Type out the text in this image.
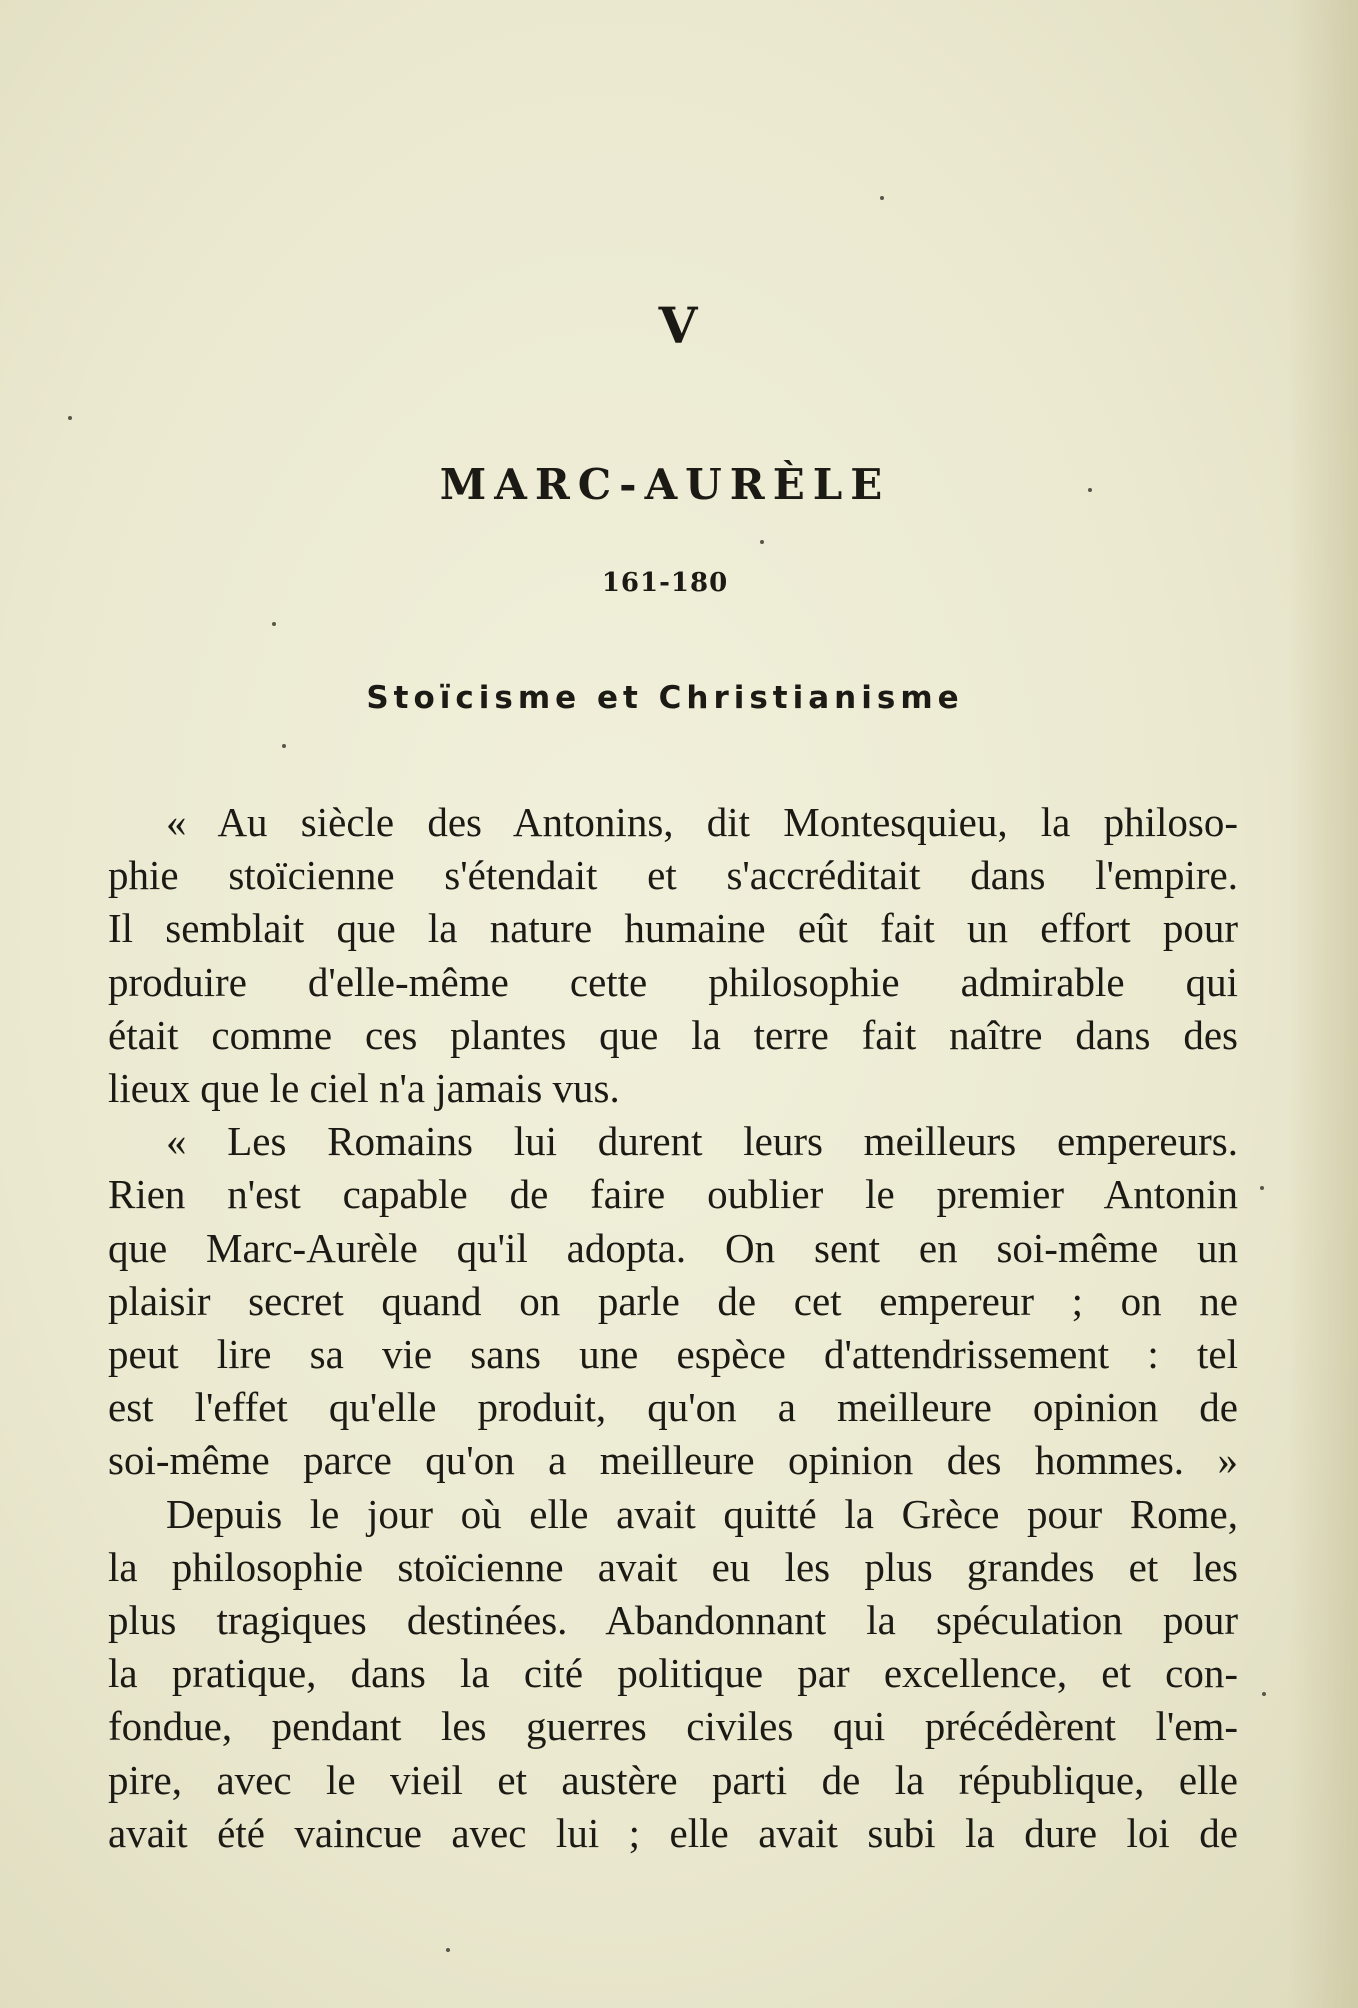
V
MARC-AURÈLE
161-180
Stoïcisme et Christianisme
« Au siècle des Antonins, dit Montesquieu, la philoso-
phie stoïcienne s'étendait et s'accréditait dans l'empire.
Il semblait que la nature humaine eût fait un effort pour
produire d'elle-même cette philosophie admirable qui
était comme ces plantes que la terre fait naître dans des
lieux que le ciel n'a jamais vus.
« Les Romains lui durent leurs meilleurs empereurs.
Rien n'est capable de faire oublier le premier Antonin
que Marc-Aurèle qu'il adopta. On sent en soi-même un
plaisir secret quand on parle de cet empereur ; on ne
peut lire sa vie sans une espèce d'attendrissement : tel
est l'effet qu'elle produit, qu'on a meilleure opinion de
soi-même parce qu'on a meilleure opinion des hommes. »
Depuis le jour où elle avait quitté la Grèce pour Rome,
la philosophie stoïcienne avait eu les plus grandes et les
plus tragiques destinées. Abandonnant la spéculation pour
la pratique, dans la cité politique par excellence, et con-
fondue, pendant les guerres civiles qui précédèrent l'em-
pire, avec le vieil et austère parti de la république, elle
avait été vaincue avec lui ; elle avait subi la dure loi de
